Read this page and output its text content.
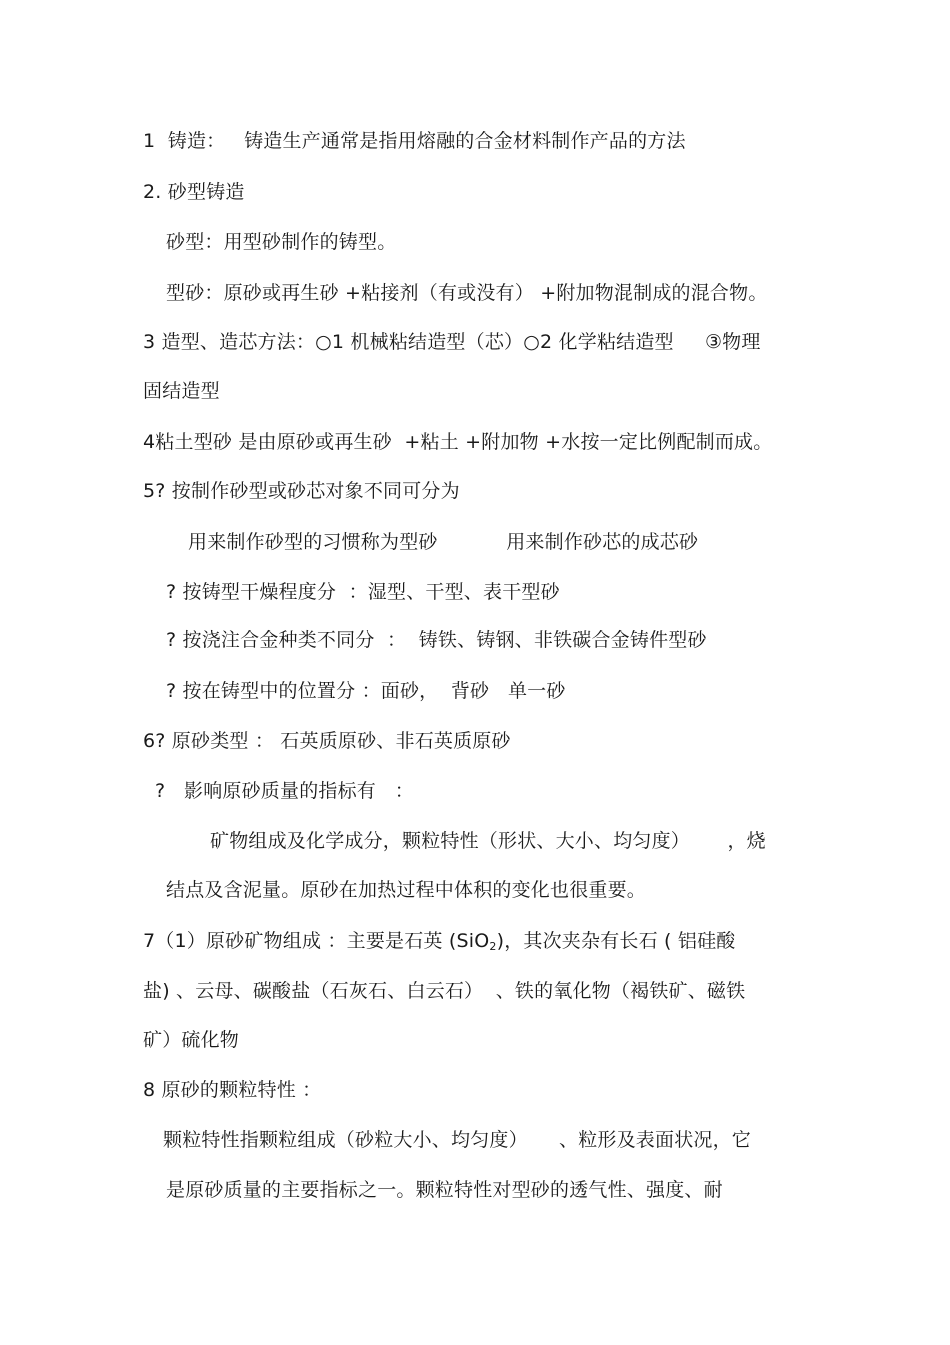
1  铸造：   铸造生产通常是指用熔融的合金材料制作产品的方法
2. 砂型铸造
砂型：用型砂制作的铸型。
型砂：原砂或再生砂 +粘接剂（有或没有） +附加物混制成的混合物。
3 造型、造芯方法：○1 机械粘结造型（芯）○2 化学粘结造型     ③物理
固结造型
4粘土型砂 是由原砂或再生砂  +粘土 +附加物 +水按一定比例配制而成。
5? 按制作砂型或砂芯对象不同可分为
用来制作砂型的习惯称为型砂           用来制作砂芯的成芯砂
? 按铸型干燥程度分  ：湿型、干型、表干型砂
? 按浇注合金种类不同分  ：  铸铁、铸钢、非铁碳合金铸件型砂
? 按在铸型中的位置分 ：面砂，  背砂   单一砂
6? 原砂类型 ： 石英质原砂、非石英质原砂
?   影响原砂质量的指标有   ：
矿物组成及化学成分，颗粒特性（形状、大小、均匀度）      ，烧
结点及含泥量。原砂在加热过程中体积的变化也很重要。
7（1）原砂矿物组成 ：主要是石英 (SiO$_2$)，其次夹杂有长石 ( 铝硅酸
盐) 、云母、碳酸盐（石灰石、白云石）  、铁的氧化物（褐铁矿、磁铁
矿）硫化物
8 原砂的颗粒特性 ：
颗粒特性指颗粒组成（砂粒大小、均匀度）     、粒形及表面状况，它
是原砂质量的主要指标之一。颗粒特性对型砂的透气性、强度、耐
